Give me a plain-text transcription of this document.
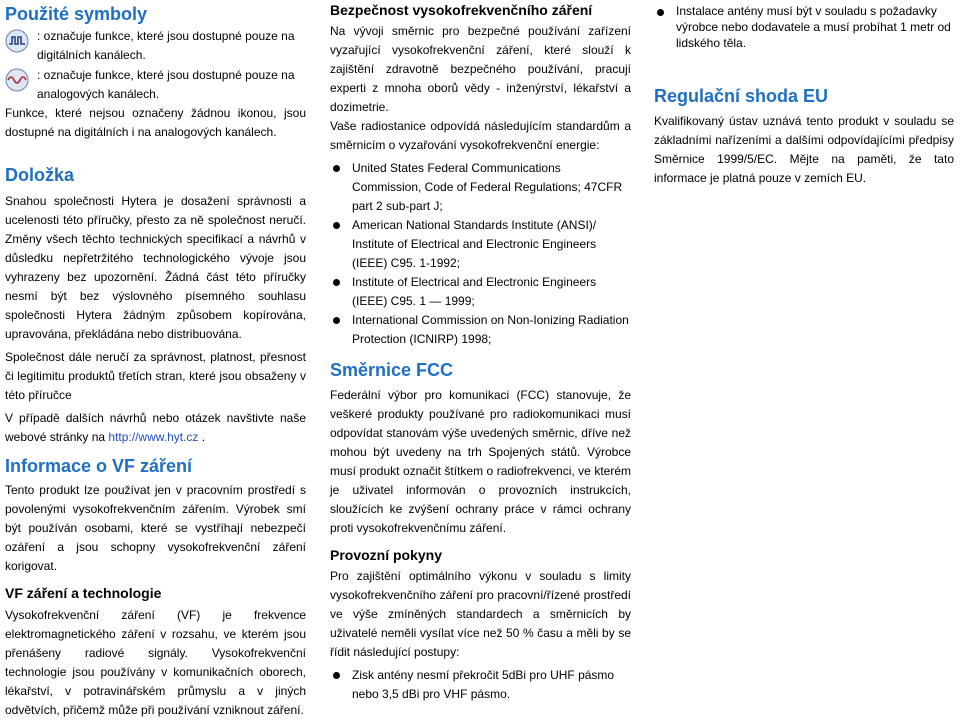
Použité symboly
: označuje funkce, které jsou dostupné pouze na digitálních kanálech.
: označuje funkce, které jsou dostupné pouze na analogových kanálech.

Funkce, které nejsou označeny žádnou ikonou, jsou dostupné na digitálních i na analogových kanálech.

Doložka

Snahou společnosti Hytera je dosažení správnosti a ucelenosti této příručky, přesto za ně společnost neručí. Změny všech těchto technických specifikací a návrhů v důsledku nepřetržitého technologického vývoje jsou vyhrazeny bez upozornění. Žádná část této příručky nesmí být bez výslovného písemného souhlasu společnosti Hytera žádným způsobem kopírována, upravována, překládána nebo distribuována.

Společnost dále neručí za správnost, platnost, přesnost či legitimitu produktů třetích stran, které jsou obsaženy v této příručce

V případě dalších návrhů nebo otázek navštivte naše webové stránky na http://www.hyt.cz .

Informace o VF záření

Tento produkt lze používat jen v pracovním prostředí s povolenými vysokofrekvenčním zářením. Výrobek smí být používán osobami, které se vystříhají nebezpečí ozáření a jsou schopny vysokofrekvenční záření korigovat.

VF záření a technologie

Vysokofrekvenční záření (VF) je frekvence elektromagnetického záření v rozsahu, ve kterém jsou přenášeny radiové signály. Vysokofrekvenční technologie jsou používány v komunikačních oborech, lékařství, v potravinářském průmyslu a v jiných odvětvích, přičemž může při používání vzniknout záření.

Bezpečnost vysokofrekvenčního záření

Na vývoji směrnic pro bezpečné používání zařízení vyzařující vysokofrekvenční záření, které slouží k zajištění zdravotně bezpečného používání, pracují experti z mnoha oborů vědy - inženýrství, lékařství a dozimetrie.

Vaše radiostanice odpovídá následujícím standardům a směrnicím o vyzařování vysokofrekvenční energie:

United States Federal Communications Commission, Code of Federal Regulations; 47CFR part 2 sub-part J;
American National Standards Institute (ANSI)/ Institute of Electrical and Electronic Engineers (IEEE) C95. 1-1992;
Institute of Electrical and Electronic Engineers (IEEE) C95. 1 — 1999;
International Commission on Non-Ionizing Radiation Protection (ICNIRP) 1998;
Směrnice FCC

Federální výbor pro komunikaci (FCC) stanovuje, že veškeré produkty používané pro radiokomunikaci musí odpovídat stanovám výše uvedených směrnic, dříve než mohou být uvedeny na trh Spojených států. Výrobce musí produkt označit štítkem o radiofrekvenci, ve kterém je uživatel informován o provozních instrukcích, sloužících ke zvýšení ochrany práce v rámci ochrany proti vysokofrekvenčnímu záření.

Provozní pokyny

Pro zajištění optimálního výkonu v souladu s limity vysokofrekvenčního záření pro pracovní/řízené prostředí ve výše zmíněných standardech a směrnicích by uživatelé neměli vysílat více než 50 % času a měli by se řídit následující postupy:

Zisk antény nesmí překročit 5dBi pro UHF pásmo nebo 3,5 dBi pro VHF pásmo.
Instalace antény musí být v souladu s požadavky výrobce nebo dodavatele a musí probíhat 1 metr od lidského těla.
Regulační shoda EU

Kvalifikovaný ústav uznává tento produkt v souladu se základními nařízeními a dalšími odpovídajícími předpisy Směrnice 1999/5/EC. Mějte na paměti, že tato informace je platná pouze v zemích EU.
